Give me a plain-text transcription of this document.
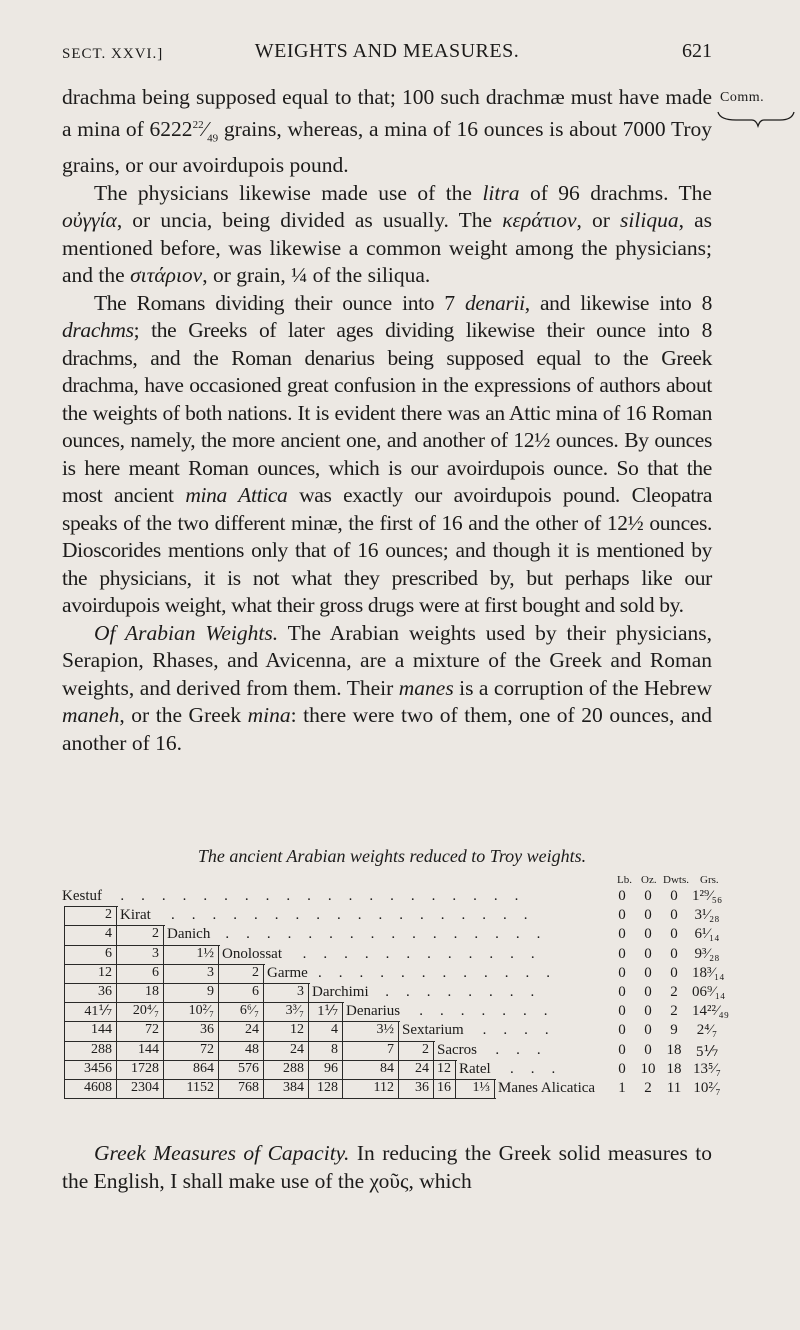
SECT. XXVI.]	WEIGHTS AND MEASURES.	621
Comm.

drachma being supposed equal to that; 100 such drachmæ must have made a mina of $6222^{22}⁄_{49}$ grains, whereas, a mina of 16 ounces is about 7000 Troy grains, or our avoirdupois pound.

The physicians likewise made use of the litra of 96 drachms. The οὐγγία, or uncia, being divided as usually. The κεράτιον, or siliqua, as mentioned before, was likewise a common weight among the physicians; and the σιτάριον, or grain, ¼ of the siliqua.

The Romans dividing their ounce into 7 denarii, and likewise into 8 drachms; the Greeks of later ages dividing likewise their ounce into 8 drachms, and the Roman denarius being supposed equal to the Greek drachma, have occasioned great confusion in the expressions of authors about the weights of both nations. It is evident there was an Attic mina of 16 Roman ounces, namely, the more ancient one, and another of 12½ ounces. By ounces is here meant Roman ounces, which is our avoirdupois ounce. So that the most ancient mina Attica was exactly our avoirdupois pound. Cleopatra speaks of the two different minæ, the first of 16 and the other of 12½ ounces. Dioscorides mentions only that of 16 ounces; and though it is mentioned by the physicians, it is not what they prescribed by, but perhaps like our avoirdupois weight, what their gross drugs were at first bought and sold by.

Of Arabian Weights. The Arabian weights used by their physicians, Serapion, Rhases, and Avicenna, are a mixture of the Greek and Roman weights, and derived from them. Their manes is a corruption of the Hebrew maneh, or the Greek mina: there were two of them, one of 20 ounces, and another of 16.

The ancient Arabian weights reduced to Troy weights.
Lb. Oz. Dwts. Grs.
Kestuf ....................	0	0	0 1²⁹⁄₅₆
2 Kirat ..................	0	0	0	3¹⁄₂₈
4	2 Danich ................	0	0	0	6¹⁄₁₄
6	3	1½ Onolossat ............	0	0	0	9³⁄₂₈
12	6	3	2 Garme ............	0	0	0 18³⁄₁₄
36	18	9	6	3 Darchimi ........	0	0	2 06⁹⁄₁₄
41⅐	20⁴⁄₇	10²⁄₇	6⁶⁄₇	3³⁄₇ 1⅐ Denarius .......	0	0	2 14²²⁄₄₉
144	72	36	24	12	4	3½ Sextarium ....	0	0	9	2⁴⁄₇
288	144	72	48	24	8	7	2 Sacros ...	0	0 18 5⅐
3456	1728	864	576	288	96	84	24 12 Ratel ...	0 10 18 13⁵⁄₇
4608	2304	1152	768	384 128	112	36 16	1⅓ Manes Alicatica	1	2	11 10²⁄₇

Greek Measures of Capacity. In reducing the Greek solid measures to the English, I shall make use of the χοῦς, which
